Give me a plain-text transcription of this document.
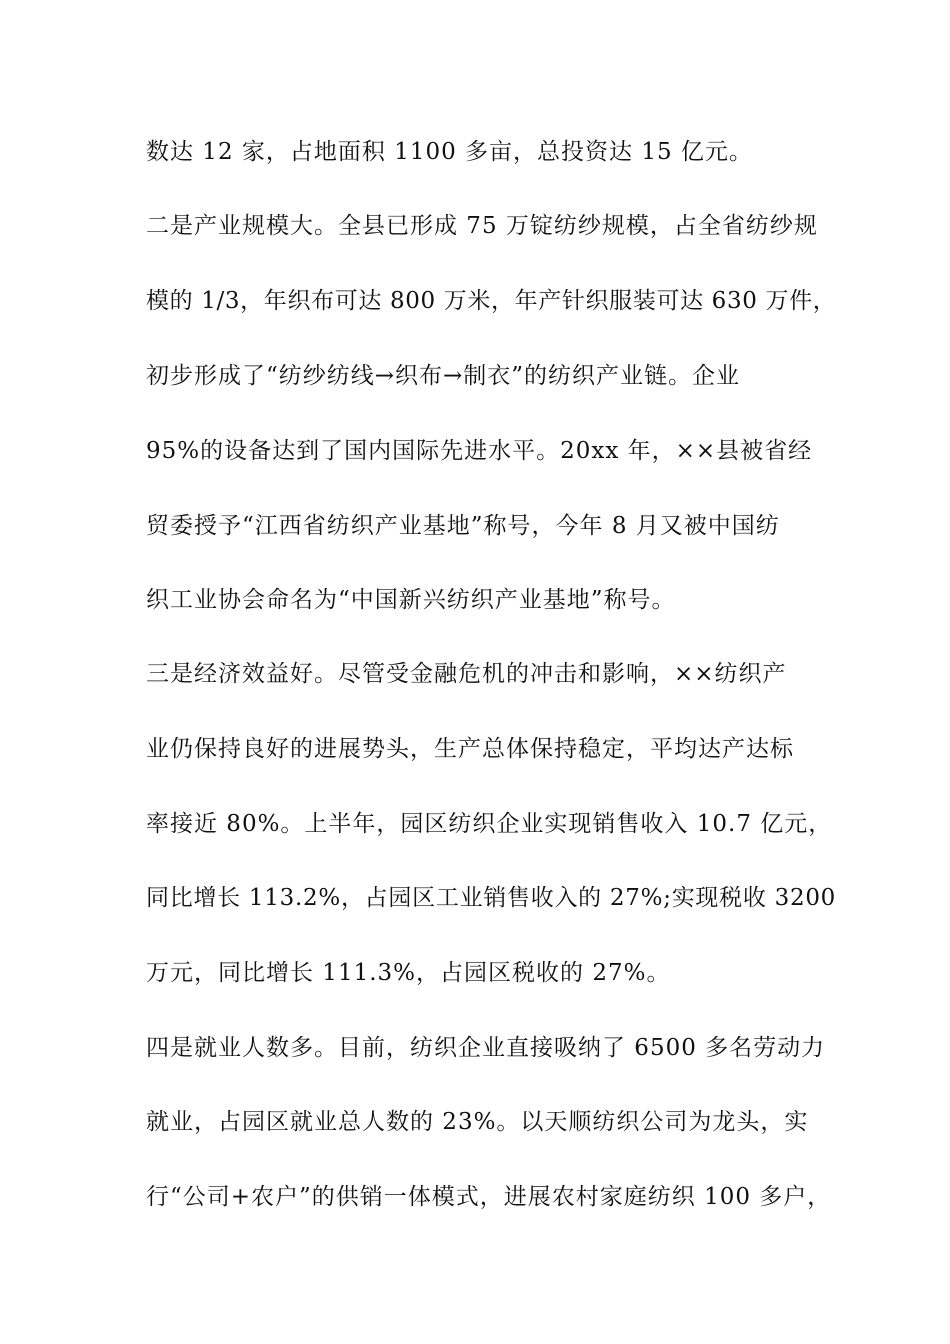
数达 12 家，占地面积 1100 多亩，总投资达 15 亿元。
二是产业规模大。全县已形成 75 万锭纺纱规模，占全省纺纱规
模的 1/3，年织布可达 800 万米，年产针织服装可达 630 万件，
初步形成了“纺纱纺线→织布→制衣”的纺织产业链。企业
95%的设备达到了国内国际先进水平。20xx 年，××县被省经
贸委授予“江西省纺织产业基地”称号，今年 8 月又被中国纺
织工业协会命名为“中国新兴纺织产业基地”称号。
三是经济效益好。尽管受金融危机的冲击和影响，××纺织产
业仍保持良好的进展势头，生产总体保持稳定，平均达产达标
率接近 80%。上半年，园区纺织企业实现销售收入 10.7 亿元，
同比增长 113.2%，占园区工业销售收入的 27%;实现税收 3200
万元，同比增长 111.3%，占园区税收的 27%。
四是就业人数多。目前，纺织企业直接吸纳了 6500 多名劳动力
就业，占园区就业总人数的 23%。以天顺纺织公司为龙头，实
行“公司+农户”的供销一体模式，进展农村家庭纺织 100 多户，
